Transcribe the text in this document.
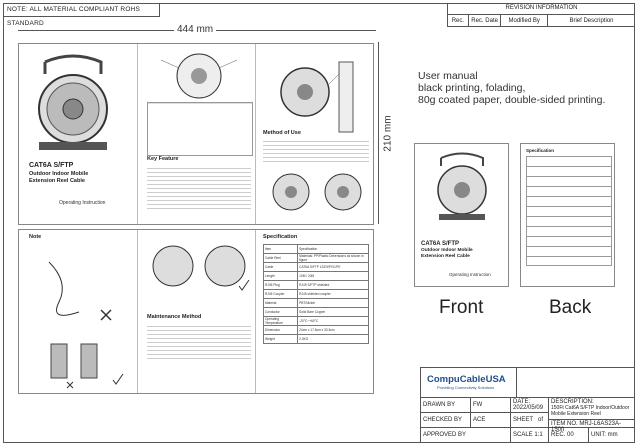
NOTE: ALL MATERIAL COMPLIANT ROHS STANDARD
REVISION INFORMATION
Rec.	Rec. Date	Modified By	Brief Description
444 mm
210 mm
CAT6A S/FTP
Outdoor Indoor Mobile
Extension Reel Cable
Operating Instruction
Key Feature
Method of Use
Note
Maintenance Method
Specification
Item	Specification
Cable Reel	Materials: PP/Plastic Dimensions as shown in figure
Cable	CAT6A S/FTP LSZH/PVC/PE
Length	10M / 20M
RJ45 Plug	RJ45 S/FTP shielded
RJ45 Coupler	RJ45 shielded coupler
Material	PBT/Nickel
Conductor	Solid Bare Copper
Operating Temperature	-20°C~+60°C
Dimension	24cm x 17.5cm x 30.5cm
Weight	2.0KG
User manual
black printing, folading,
80g coated paper, double-sided printing.
CAT6A S/FTP
Outdoor Indoor Mobile
Extension Reel Cable
Operating Instruction
Specification
Front	Back
CompuCableUSA
Providing Connectivity Solutions
DRAWN BY	FW	DATE:
2022/05/09
DESCRIPTION:
150Ft Cat6A S/FTP Indoor/Outdoor Mobile Extension Reel
CHECKED BY	ACE	SHEET of
ITEM NO. MRJ-L6AS23A-150ft
APPROVED BY	SCALE 1:1	REC. 00	UNIT: mm
